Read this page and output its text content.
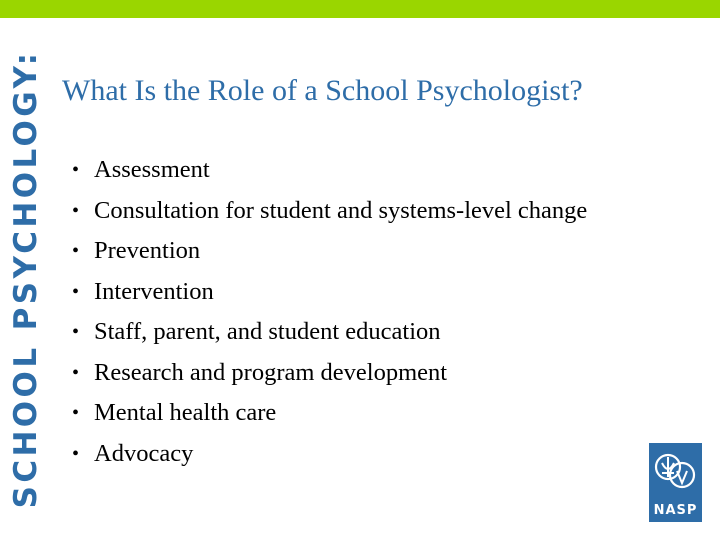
SCHOOL PSYCHOLOGY: What Is the Role of a School Psychologist?
• Assessment
• Consultation for student and systems-level change
• Prevention
• Intervention
• Staff, parent, and student education
• Research and program development
• Mental health care
• Advocacy
NASP
